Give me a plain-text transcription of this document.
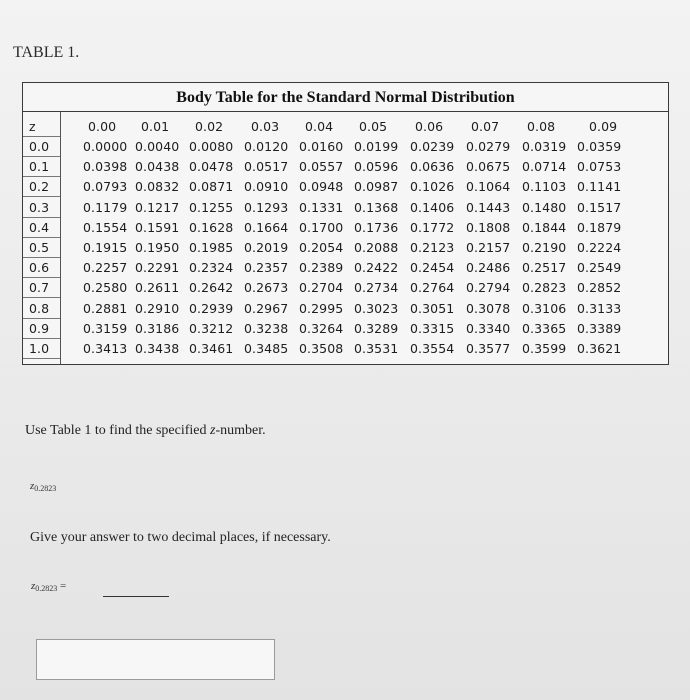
TABLE 1.
Body Table for the Standard Normal Distribution
z	0.00 0.01 0.02 0.03 0.04 0.05 0.06 0.07 0.08	0.09
0.0	0.0000 0.0040 0.0080 0.0120 0.0160 0.0199 0.0239 0.0279 0.0319 0.0359
0.1	0.0398 0.0438 0.0478 0.0517 0.0557 0.0596 0.0636 0.0675 0.0714 0.0753
0.2	0.0793 0.0832 0.0871 0.0910 0.0948 0.0987 0.1026 0.1064 0.1103 0.1141
0.3	0.1179 0.1217 0.1255 0.1293 0.1331 0.1368 0.1406 0.1443 0.1480 0.1517
0.4	0.1554 0.1591 0.1628 0.1664 0.1700 0.1736 0.1772 0.1808 0.1844 0.1879
0.5	0.1915 0.1950 0.1985 0.2019 0.2054 0.2088 0.2123 0.2157 0.2190 0.2224
0.6	0.2257 0.2291 0.2324 0.2357 0.2389 0.2422 0.2454 0.2486 0.2517 0.2549
0.7	0.2580 0.2611 0.2642 0.2673 0.2704 0.2734 0.2764 0.2794 0.2823 0.2852
0.8	0.2881 0.2910 0.2939 0.2967 0.2995 0.3023 0.3051 0.3078 0.3106 0.3133
0.9	0.3159 0.3186 0.3212 0.3238 0.3264 0.3289 0.3315 0.3340 0.3365 0.3389
1.0	0.3413 0.3438 0.3461 0.3485 0.3508 0.3531 0.3554 0.3577 0.3599 0.3621
Use Table 1 to find the specified z-number.
$z_{0.2823}$
Give your answer to two decimal places, if necessary.
$z_{0.2823}$ =
